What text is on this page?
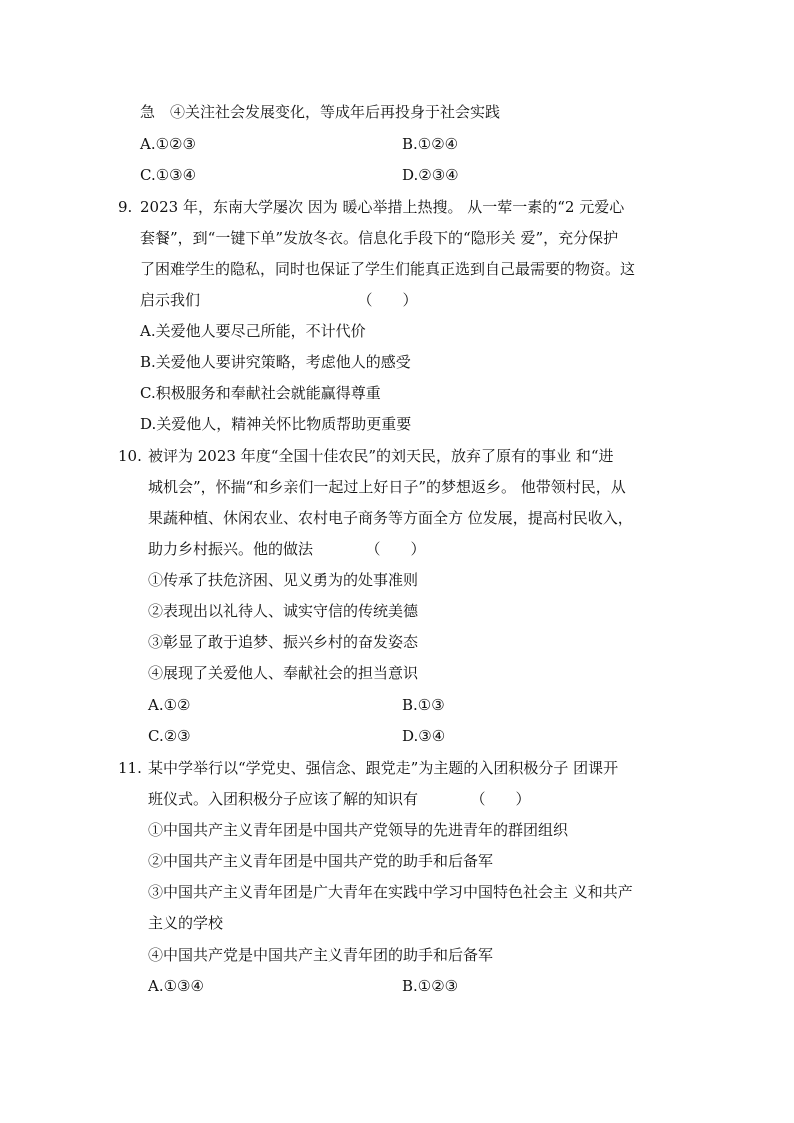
急　④关注社会发展变化，等成年后再投身于社会实践
A.①②③	B.①②④
C.①③④	D.②③④
9. 2023 年，东南大学屡次 因为 暖心举措上热搜。 从一荤一素的“2 元爱心
套餐”，到“一键下单”发放冬衣。信息化手段下的“隐形关 爱”，充分保护
了困难学生的隐私，同时也保证了学生们能真正选到自己最需要的物资。这
启示我们　　　　　　　　　　　（　　）
A.关爱他人要尽己所能，不计代价
B.关爱他人要讲究策略，考虑他人的感受
C.积极服务和奉献社会就能赢得尊重
D.关爱他人，精神关怀比物质帮助更重要
10. 被评为 2023 年度“全国十佳农民”的刘天民，放弃了原有的事业 和“进
城机会”，怀揣“和乡亲们一起过上好日子”的梦想返乡。 他带领村民，从
果蔬种植、休闲农业、农村电子商务等方面全方 位发展，提高村民收入，
助力乡村振兴。他的做法　　　　（　　）
①传承了扶危济困、见义勇为的处事准则
②表现出以礼待人、诚实守信的传统美德
③彰显了敢于追梦、振兴乡村的奋发姿态
④展现了关爱他人、奉献社会的担当意识
A.①②	B.①③
C.②③	D.③④
11. 某中学举行以“学党史、强信念、跟党走”为主题的入团积极分子 团课开
班仪式。入团积极分子应该了解的知识有　　　　（　　）
①中国共产主义青年团是中国共产党领导的先进青年的群团组织
②中国共产主义青年团是中国共产党的助手和后备军
③中国共产主义青年团是广大青年在实践中学习中国特色社会主 义和共产
主义的学校
④中国共产党是中国共产主义青年团的助手和后备军
A.①③④	B.①②③
